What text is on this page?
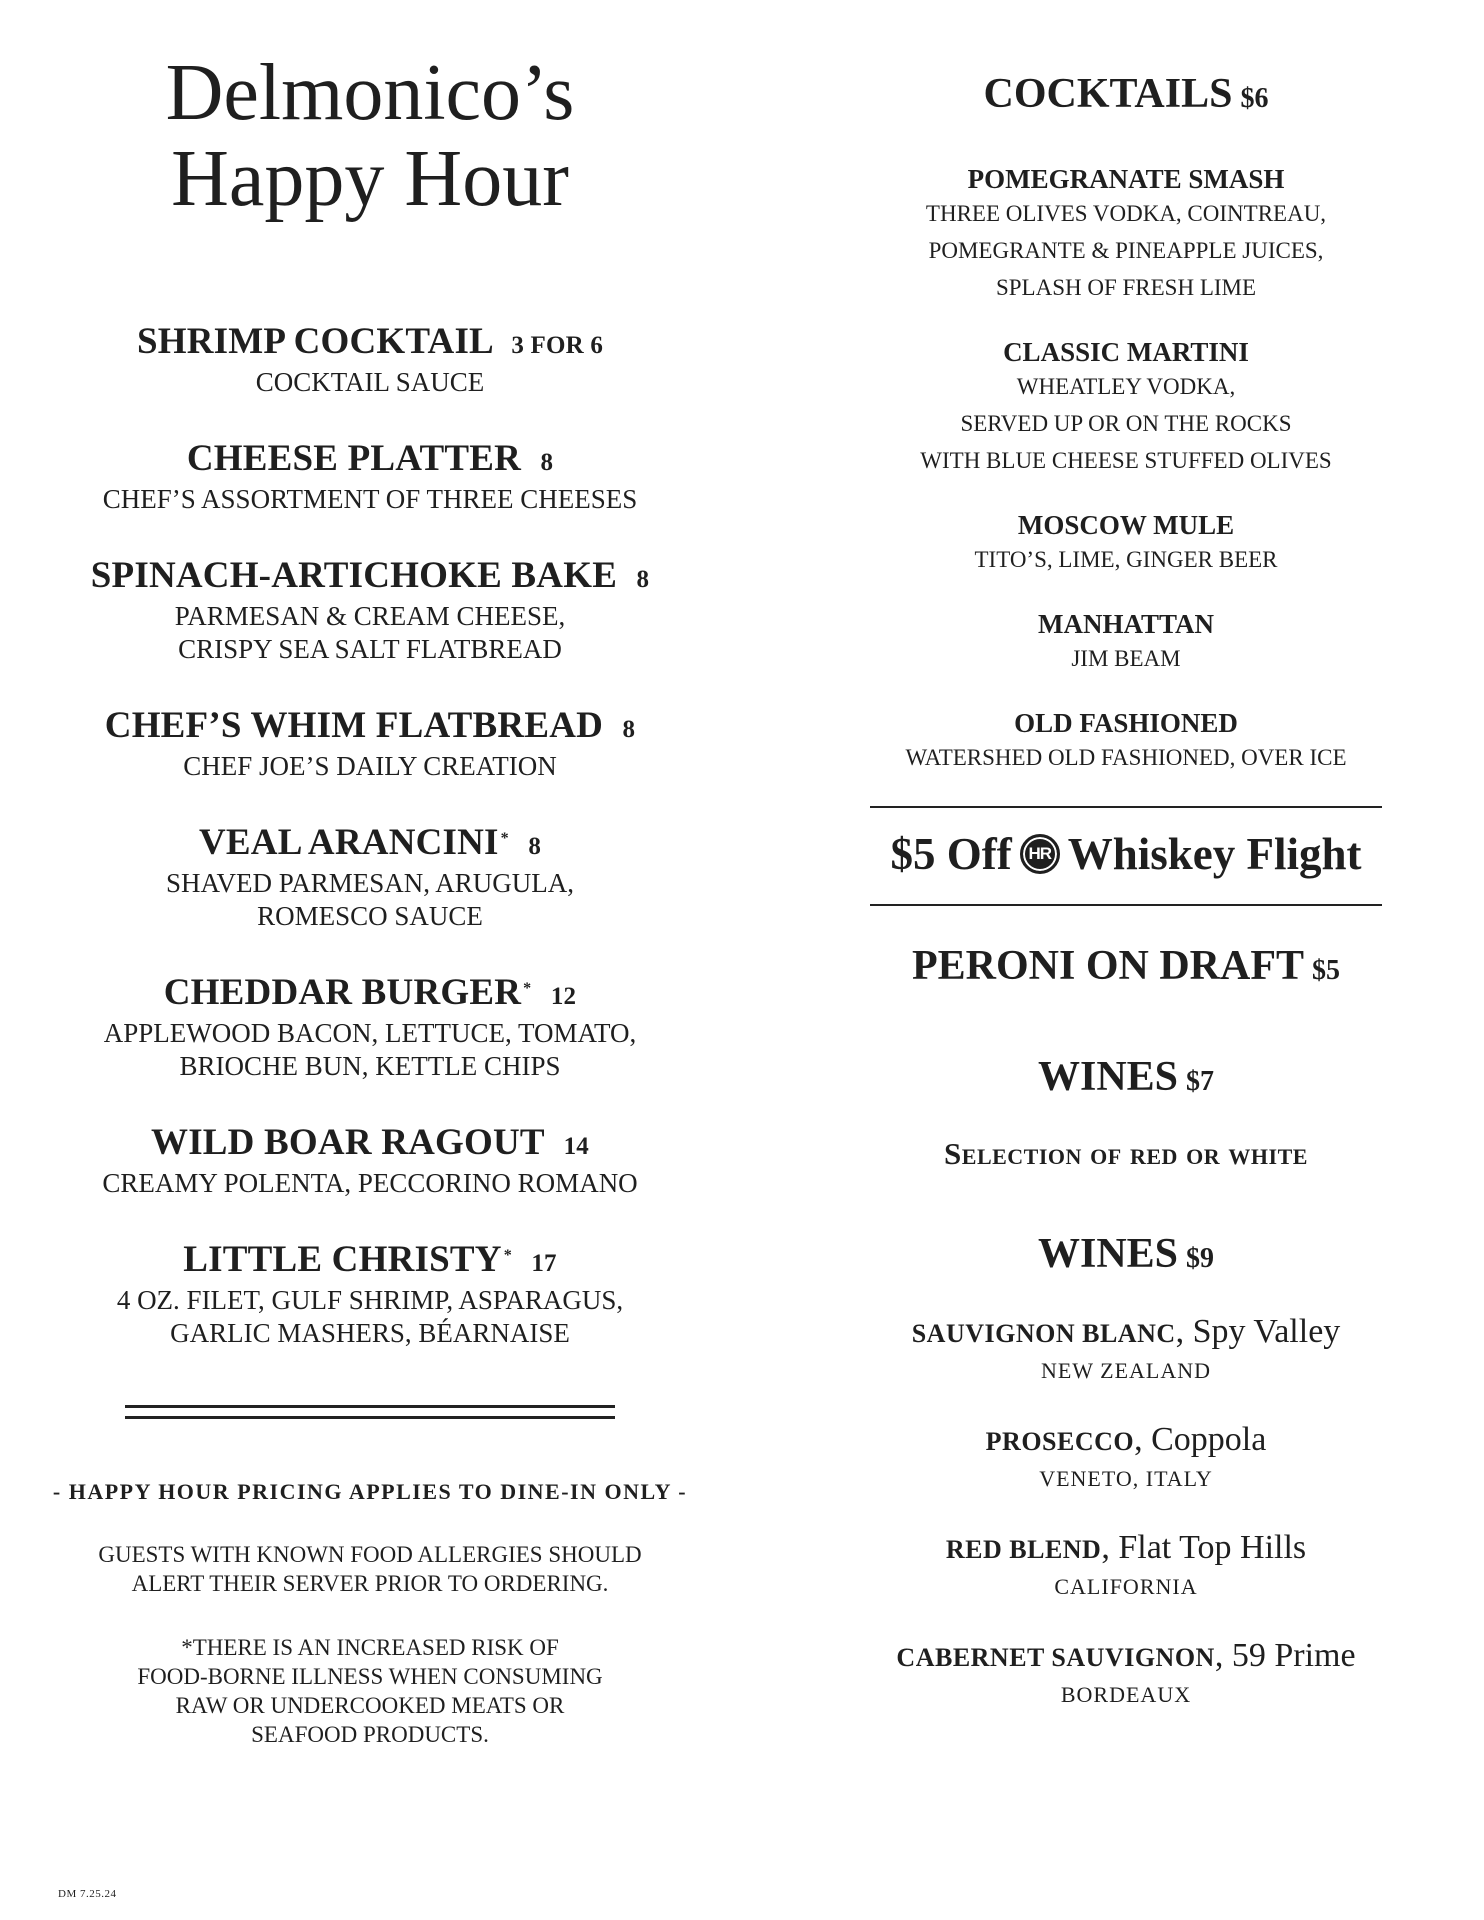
Delmonico’s
Happy Hour
SHRIMP COCKTAIL 3 FOR 6
COCKTAIL SAUCE
CHEESE PLATTER 8
CHEF’S ASSORTMENT OF THREE CHEESES
SPINACH-ARTICHOKE BAKE 8
PARMESAN & CREAM CHEESE,
CRISPY SEA SALT FLATBREAD
CHEF’S WHIM FLATBREAD 8
CHEF JOE’S DAILY CREATION
VEAL ARANCINI * 8
SHAVED PARMESAN, ARUGULA,
ROMESCO SAUCE
CHEDDAR BURGER * 12
APPLEWOOD BACON, LETTUCE, TOMATO,
BRIOCHE BUN, KETTLE CHIPS
WILD BOAR RAGOUT 14
CREAMY POLENTA, PECCORINO ROMANO
LITTLE CHRISTY * 17
4 OZ. FILET, GULF SHRIMP, ASPARAGUS,
GARLIC MASHERS, BÉARNAISE
- HAPPY HOUR PRICING APPLIES TO DINE-IN ONLY -
GUESTS WITH KNOWN FOOD ALLERGIES SHOULD
ALERT THEIR SERVER PRIOR TO ORDERING.
*THERE IS AN INCREASED RISK OF
FOOD-BORNE ILLNESS WHEN CONSUMING
RAW OR UNDERCOOKED MEATS OR
SEAFOOD PRODUCTS.
DM 7.25.24
COCKTAILS $6
POMEGRANATE SMASH
THREE OLIVES VODKA, COINTREAU,
POMEGRANTE & PINEAPPLE JUICES,
SPLASH OF FRESH LIME
CLASSIC MARTINI
WHEATLEY VODKA,
SERVED UP OR ON THE ROCKS
WITH BLUE CHEESE STUFFED OLIVES
MOSCOW MULE
TITO’S, LIME, GINGER BEER
MANHATTAN
JIM BEAM
OLD FASHIONED
WATERSHED OLD FASHIONED, OVER ICE
$5 Off HR Whiskey Flight
PERONI ON DRAFT $5
WINES $7
Selection of red or white
WINES $9
SAUVIGNON BLANC, Spy Valley
NEW ZEALAND
PROSECCO, Coppola
VENETO, ITALY
RED BLEND, Flat Top Hills
CALIFORNIA
CABERNET SAUVIGNON, 59 Prime
BORDEAUX
